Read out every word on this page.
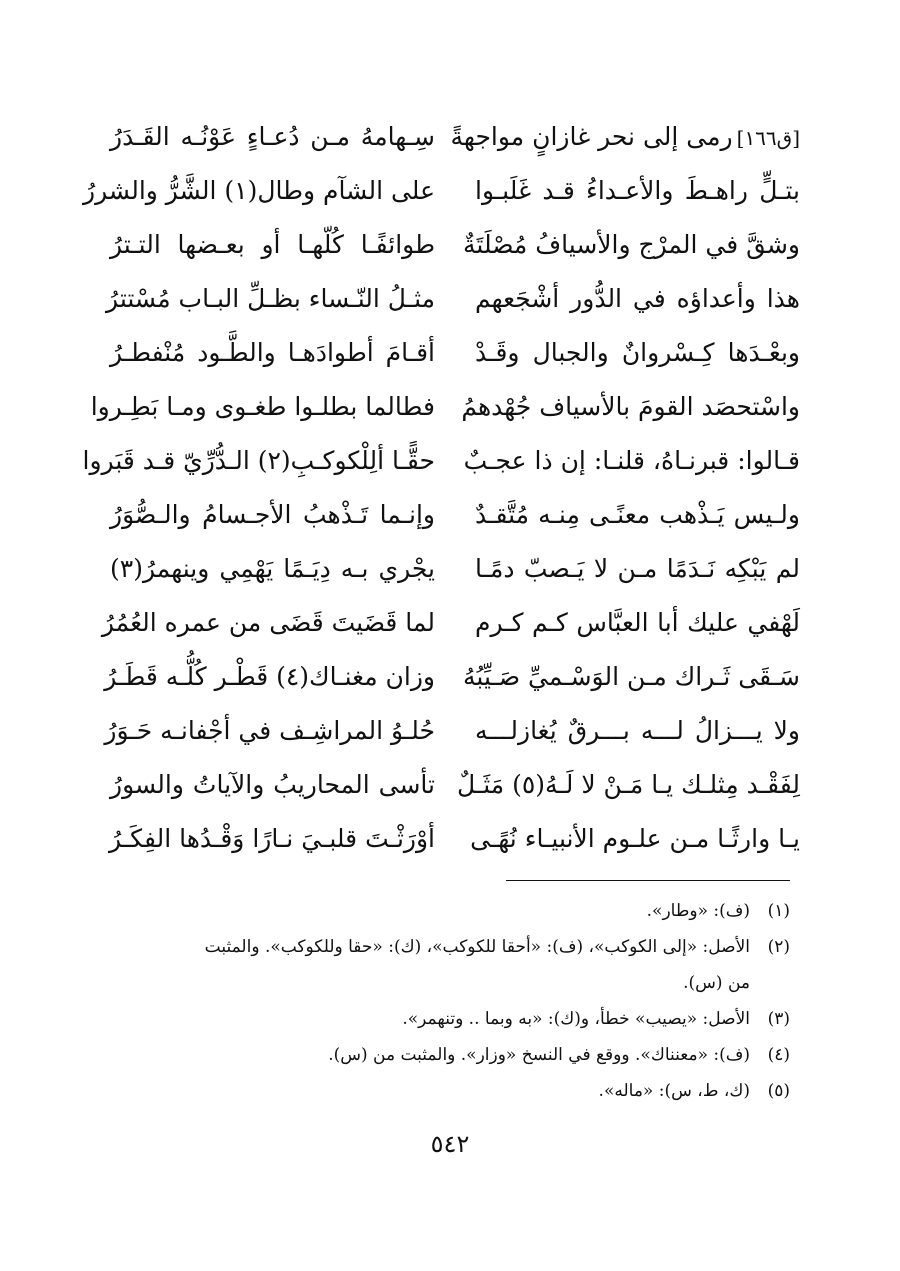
[ق١٦٦]رمى إلى نحر غازانٍ مواجهةً
سِـهامهُ مـن دُعـاءٍ عَوْنُـه القَـدَرُ
بتـلٍّ راهـطَ والأعـداءُ قـد غَلَبـوا
على الشآم وطال(١) الشَّرُّ والشررُ
وشقَّ في المرْج والأسيافُ مُصْلَتَةٌ
طوائفًـا كُلّهـا أو بعـضها التـترُ
هذا وأعداؤه في الدُّور أشْجَعهم
مثـلُ النّـساء بظـلِّ البـاب مُسْتترُ
وبعْـدَها كِـسْروانٌ والجبال وقَـدْ
أقـامَ أطوادَهـا والطَّـود مُنْفطـرُ
واسْتحصَد القومَ بالأسياف جُهْدهمُ
فطالما بطلـوا طغـوى ومـا بَطِـروا
قـالوا: قبرنـاهُ، قلنـا: إن ذا عجـبٌ
حقًّـا ألِلْكوكـبِ(٢) الـدُّرِّيّ قـد قَبَروا
ولـيس يَـذْهب معنًـى مِنـه مُتَّقـدٌ
وإنـما تَـذْهبُ الأجـسامُ والـصُّوَرُ
لم يَبْكِه نَـدَمًا مـن لا يَـصبّ دمًـا
يجْري بـه دِيَـمًا يَهْمِي وينهمرُ(٣)
لَهْفي عليك أبا العبَّاس كـم كـرم
لما قَضَيتَ قَضَى من عمره العُمُرُ
سَـقَى ثَـراك مـن الوَسْـميِّ صَـيِّبُهُ
وزان مغنـاك(٤) قَطْـر كُلُّـه قَطَـرُ
ولا يـــزالُ لـــه بـــرقٌ يُغازلـــه
حُلـوُ المراشِـف في أجْفانـه حَـوَرُ
لِفَقْـد مِثلـك يـا مَـنْ لا لَـهُ(٥) مَثَـلٌ
تأسى المحاريبُ والآياتُ والسورُ
يـا وارثًـا مـن علـوم الأنبيـاء نُهًـى
أوْرَثْـتَ قلبـيَ نـارًا وَقْـدُها الفِكَـرُ
(١)(ف): «وطار».
(٢)الأصل: «إلى الكوكب»، (ف): «أحقا للكوكب»، (ك): «حقا وللكوكب». والمثبت
من (س).
(٣)الأصل: «يصيب» خطأ، و(ك): «به وبما .. وتنهمر».
(٤)(ف): «معنناك». ووقع في النسخ «وزار». والمثبت من (س).
(٥)(ك، ط، س): «ماله».
٥٤٢
